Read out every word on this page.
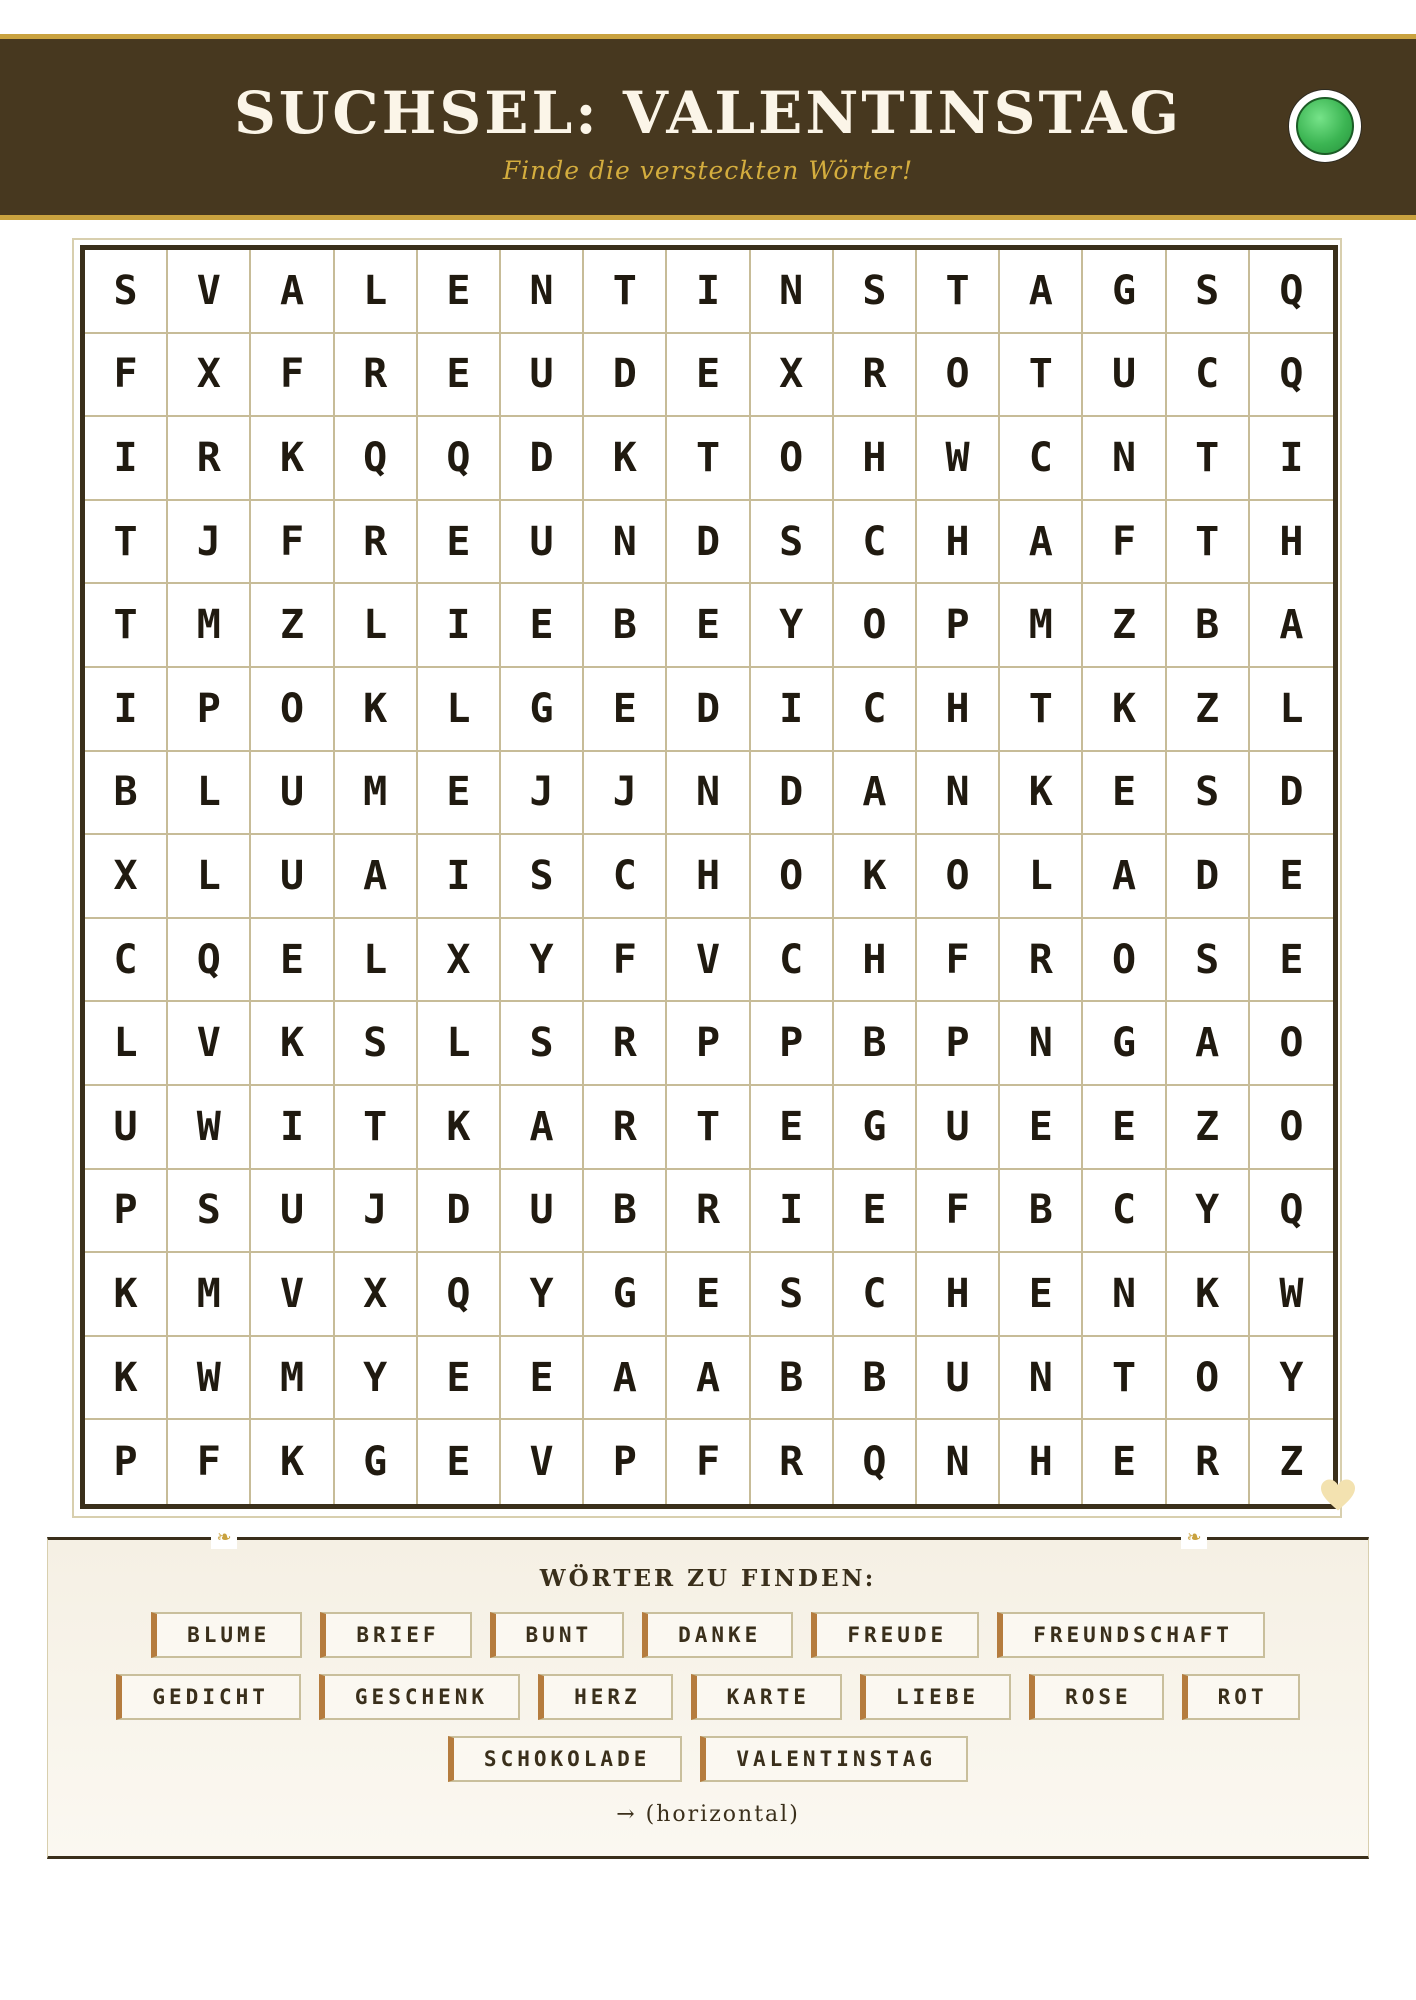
SUCHSEL: VALENTINSTAG
Finde die versteckten Wörter!
S	V	A	L	E	N	T	I	N	S	T	A	G	S	Q
F	X	F	R	E	U	D	E	X	R	O	T	U	C	Q
I	R	K	Q	Q	D	K	T	O	H	W	C	N	T	I
T	J	F	R	E	U	N	D	S	C	H	A	F	T	H
T	M	Z	L	I	E	B	E	Y	O	P	M	Z	B	A
I	P	O	K	L	G	E	D	I	C	H	T	K	Z	L
B	L	U	M	E	J	J	N	D	A	N	K	E	S	D
X	L	U	A	I	S	C	H	O	K	O	L	A	D	E
C	Q	E	L	X	Y	F	V	C	H	F	R	O	S	E
L	V	K	S	L	S	R	P	P	B	P	N	G	A	O
U	W	I	T	K	A	R	T	E	G	U	E	E	Z	O
P	S	U	J	D	U	B	R	I	E	F	B	C	Y	Q
K	M	V	X	Q	Y	G	E	S	C	H	E	N	K	W
K	W	M	Y	E	E	A	A	B	B	U	N	T	O	Y
P	F	K	G	E	V	P	F	R	Q	N	H	E	R	Z
❧	❧
WÖRTER ZU FINDEN:
BLUME	BRIEF	BUNT	DANKE	FREUDE	FREUNDSCHAFT
GEDICHT	GESCHENK	HERZ	KARTE	LIEBE	ROSE	ROT
SCHOKOLADE	VALENTINSTAG
→ (horizontal)
